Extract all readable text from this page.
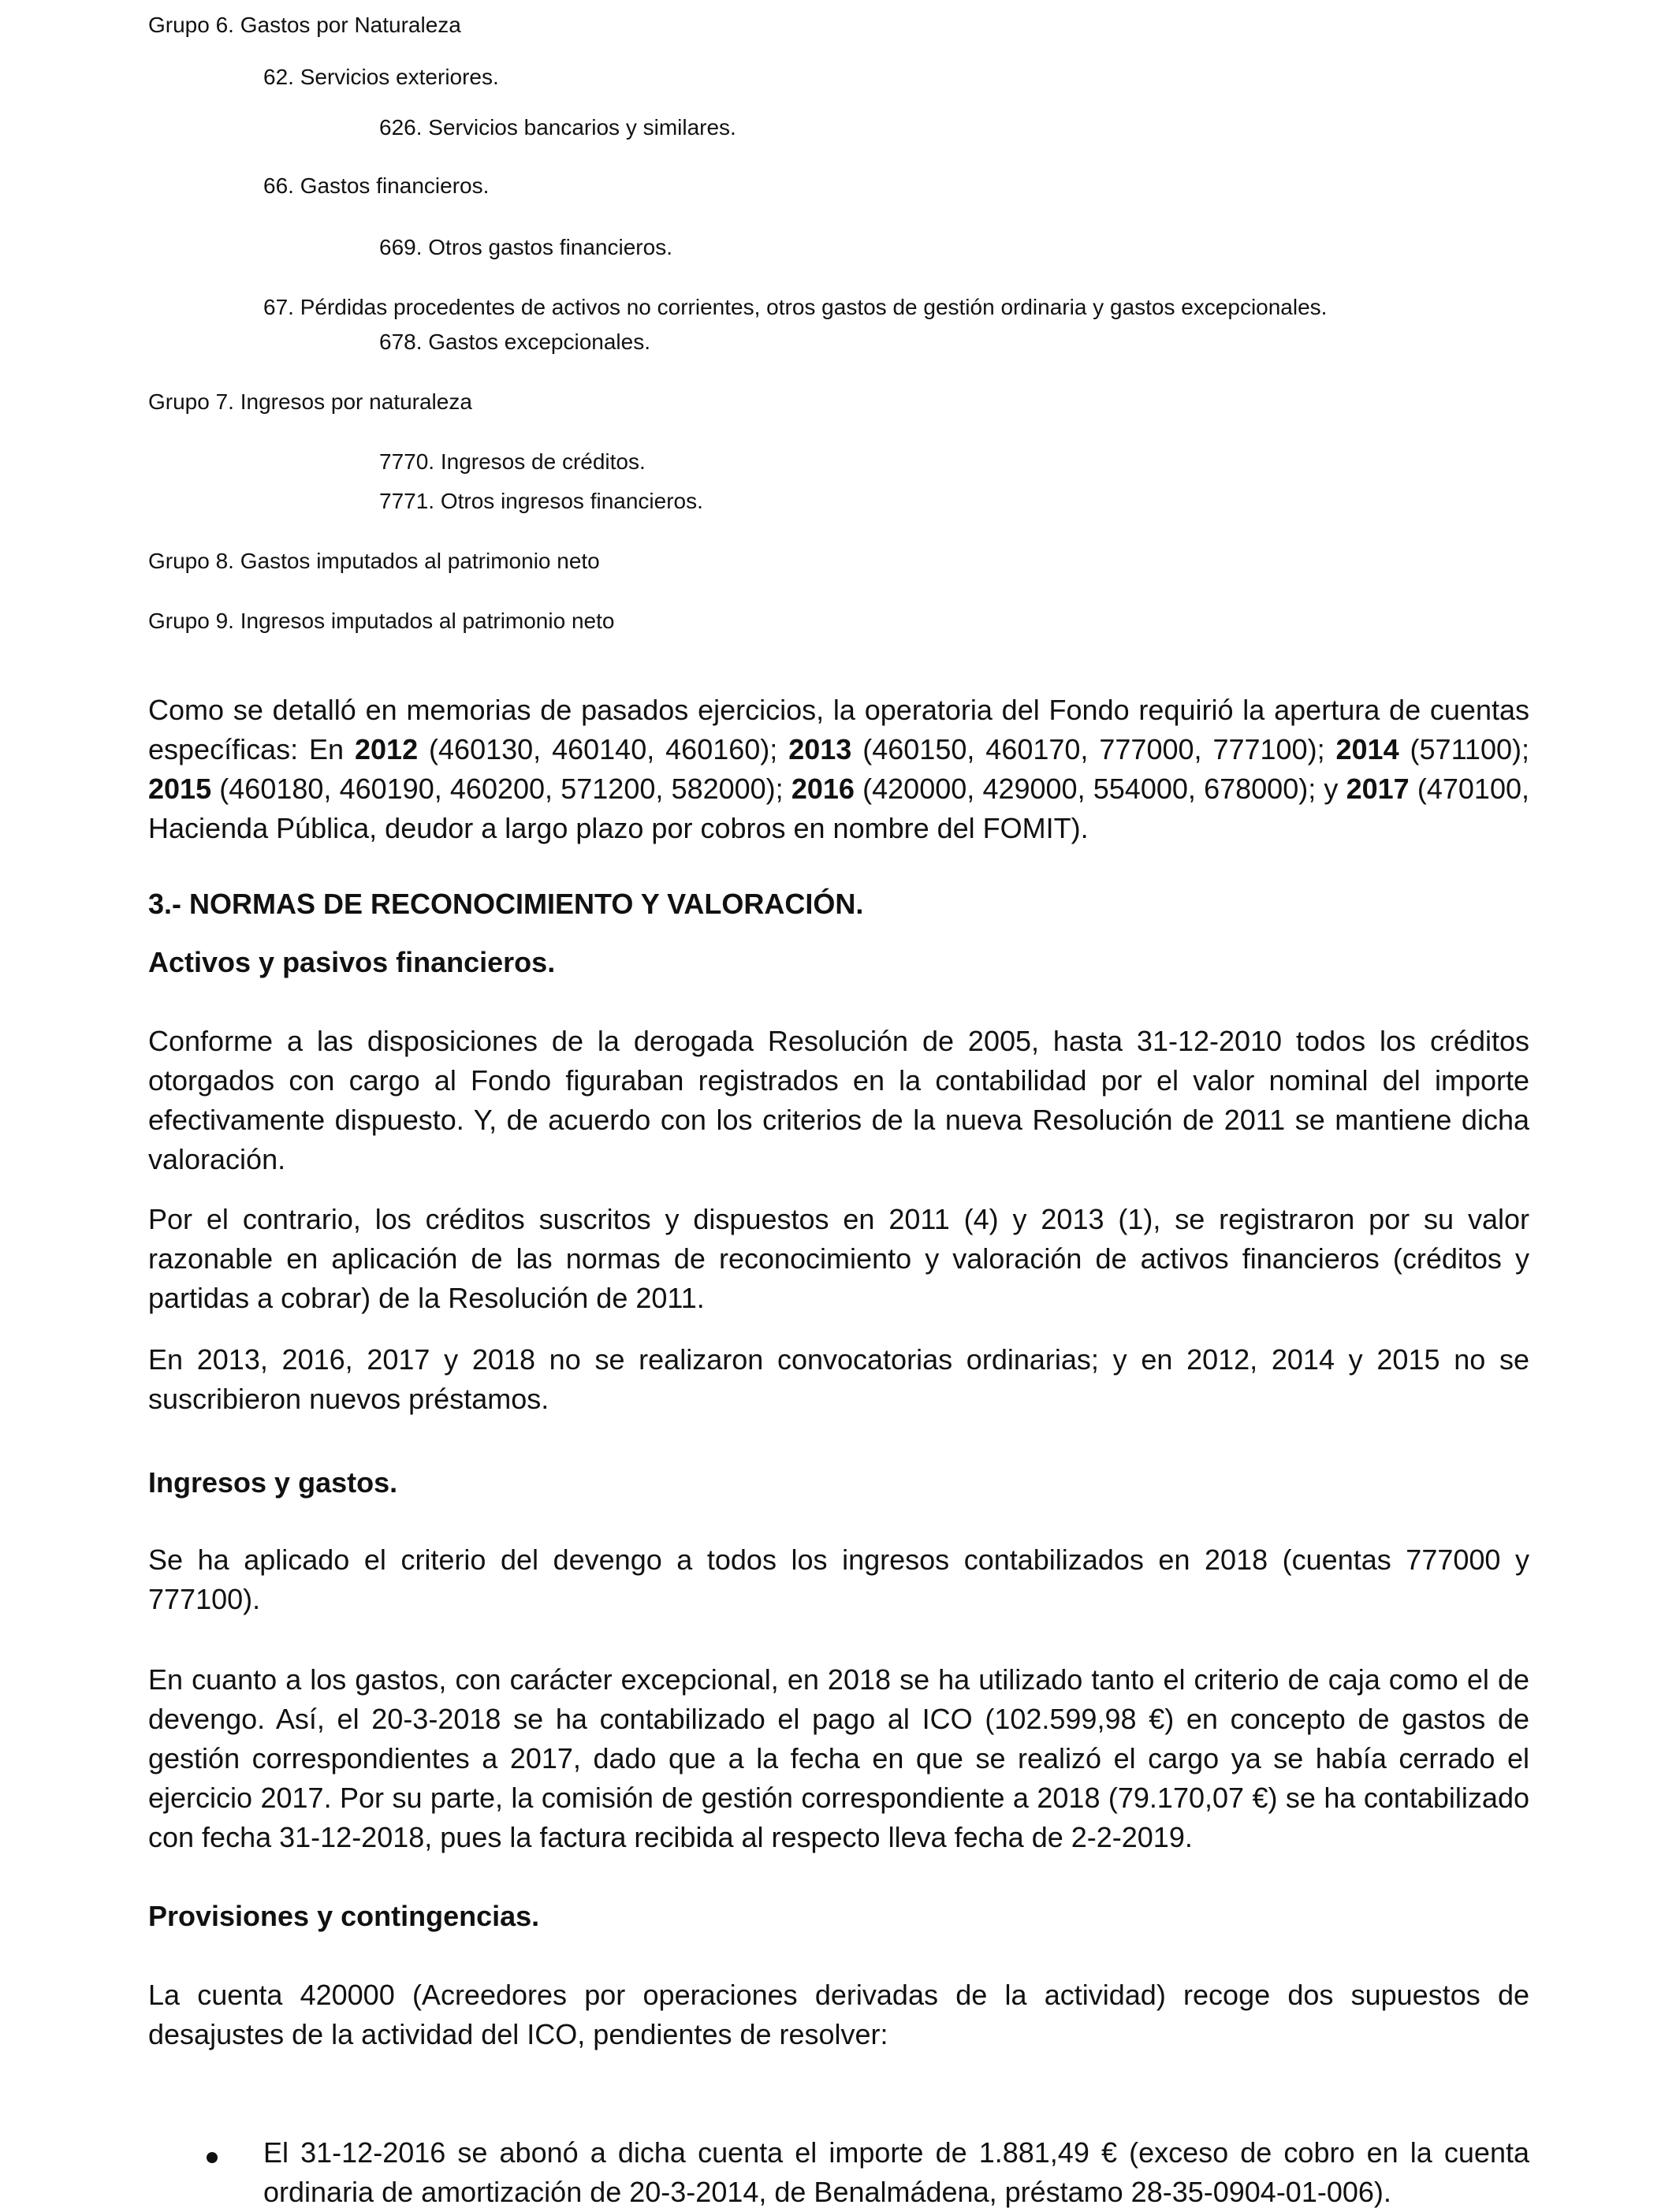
Grupo 6. Gastos por Naturaleza
62. Servicios exteriores.
626. Servicios bancarios y similares.
66. Gastos financieros.
669. Otros gastos financieros.
67. Pérdidas procedentes de activos no corrientes, otros gastos de gestión ordinaria y gastos excepcionales.
678. Gastos excepcionales.
Grupo 7. Ingresos por naturaleza
7770. Ingresos de créditos.
7771. Otros ingresos financieros.
Grupo 8. Gastos imputados al patrimonio neto
Grupo 9. Ingresos imputados al patrimonio neto

Como se detalló en memorias de pasados ejercicios, la operatoria del Fondo requirió la apertura de cuentas específicas: En 2012 (460130, 460140, 460160); 2013 (460150, 460170, 777000, 777100); 2014 (571100); 2015 (460180, 460190, 460200, 571200, 582000); 2016 (420000, 429000, 554000, 678000); y 2017 (470100, Hacienda Pública, deudor a largo plazo por cobros en nombre del FOMIT).

3.- NORMAS DE RECONOCIMIENTO Y VALORACIÓN.
Activos y pasivos financieros.

Conforme a las disposiciones de la derogada Resolución de 2005, hasta 31-12-2010 todos los créditos otorgados con cargo al Fondo figuraban registrados en la contabilidad por el valor nominal del importe efectivamente dispuesto. Y, de acuerdo con los criterios de la nueva Resolución de 2011 se mantiene dicha valoración.

Por el contrario, los créditos suscritos y dispuestos en 2011 (4) y 2013 (1), se registraron por su valor razonable en aplicación de las normas de reconocimiento y valoración de activos financieros (créditos y partidas a cobrar) de la Resolución de 2011.

En 2013, 2016, 2017 y 2018 no se realizaron convocatorias ordinarias; y en 2012, 2014 y 2015 no se suscribieron nuevos préstamos.

Ingresos y gastos.

Se ha aplicado el criterio del devengo a todos los ingresos contabilizados en 2018 (cuentas 777000 y 777100).

En cuanto a los gastos, con carácter excepcional, en 2018 se ha utilizado tanto el criterio de caja como el de devengo. Así, el 20-3-2018 se ha contabilizado el pago al ICO (102.599,98 €) en concepto de gastos de gestión correspondientes a 2017, dado que a la fecha en que se realizó el cargo ya se había cerrado el ejercicio 2017. Por su parte, la comisión de gestión correspondiente a 2018 (79.170,07 €) se ha contabilizado con fecha 31-12-2018, pues la factura recibida al respecto lleva fecha de 2-2-2019.

Provisiones y contingencias.

La cuenta 420000 (Acreedores por operaciones derivadas de la actividad) recoge dos supuestos de desajustes de la actividad del ICO, pendientes de resolver:

El 31-12-2016 se abonó a dicha cuenta el importe de 1.881,49 € (exceso de cobro en la cuenta ordinaria de amortización de 20-3-2014, de Benalmádena, préstamo 28-35-0904-01-006).
